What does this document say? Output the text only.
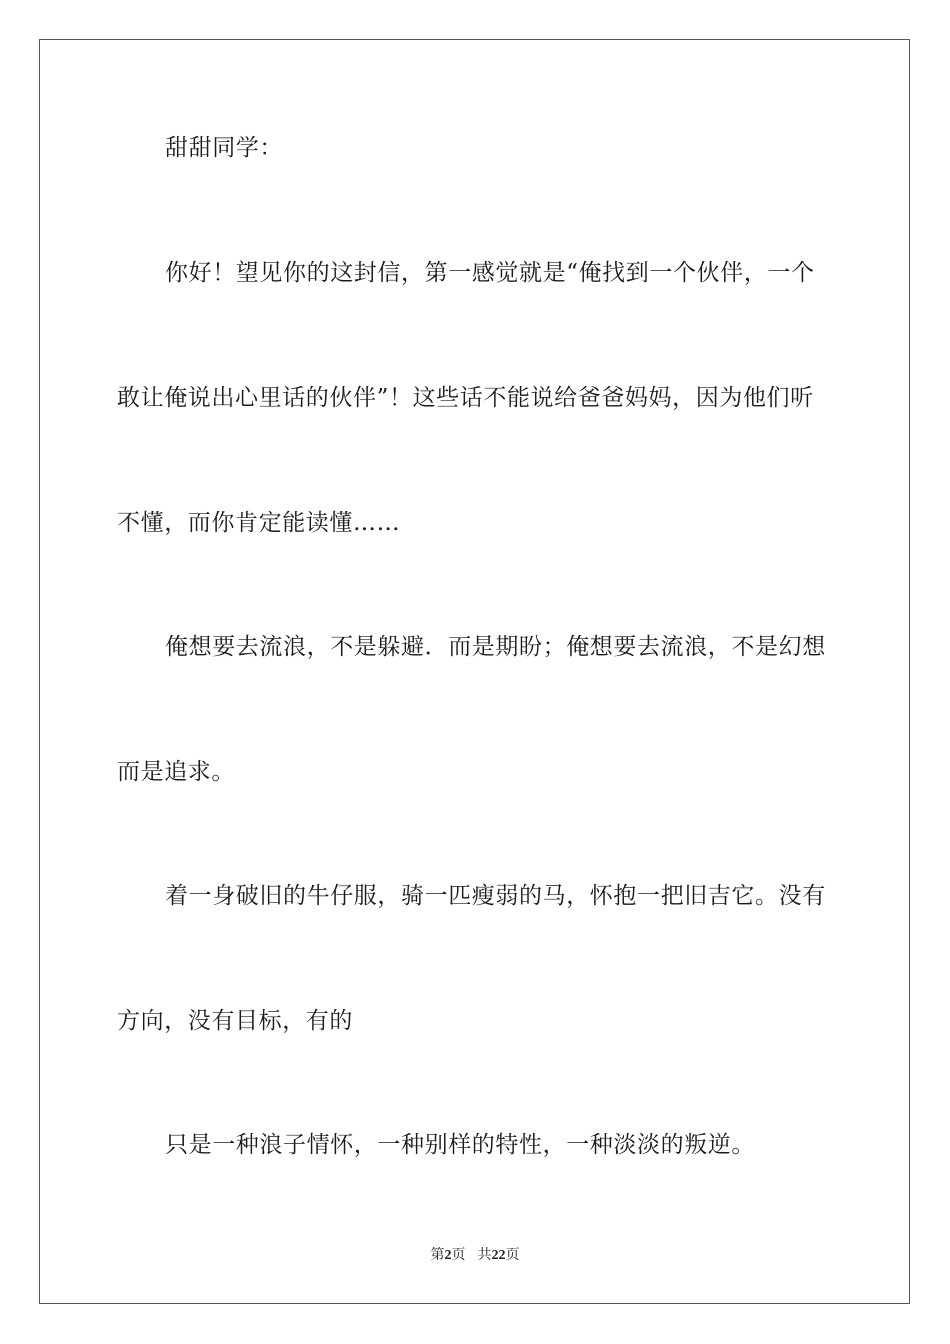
甜甜同学：
你好！望见你的这封信，第一感觉就是“俺找到一个伙伴，一个
敢让俺说出心里话的伙伴”！这些话不能说给爸爸妈妈，因为他们听
不懂，而你肯定能读懂……
俺想要去流浪，不是躲避．而是期盼；俺想要去流浪，不是幻想
而是追求。
着一身破旧的牛仔服，骑一匹瘦弱的马，怀抱一把旧吉它。没有
方向，没有目标，有的
只是一种浪子情怀，一种别样的特性，一种淡淡的叛逆。
第2页 共22页
